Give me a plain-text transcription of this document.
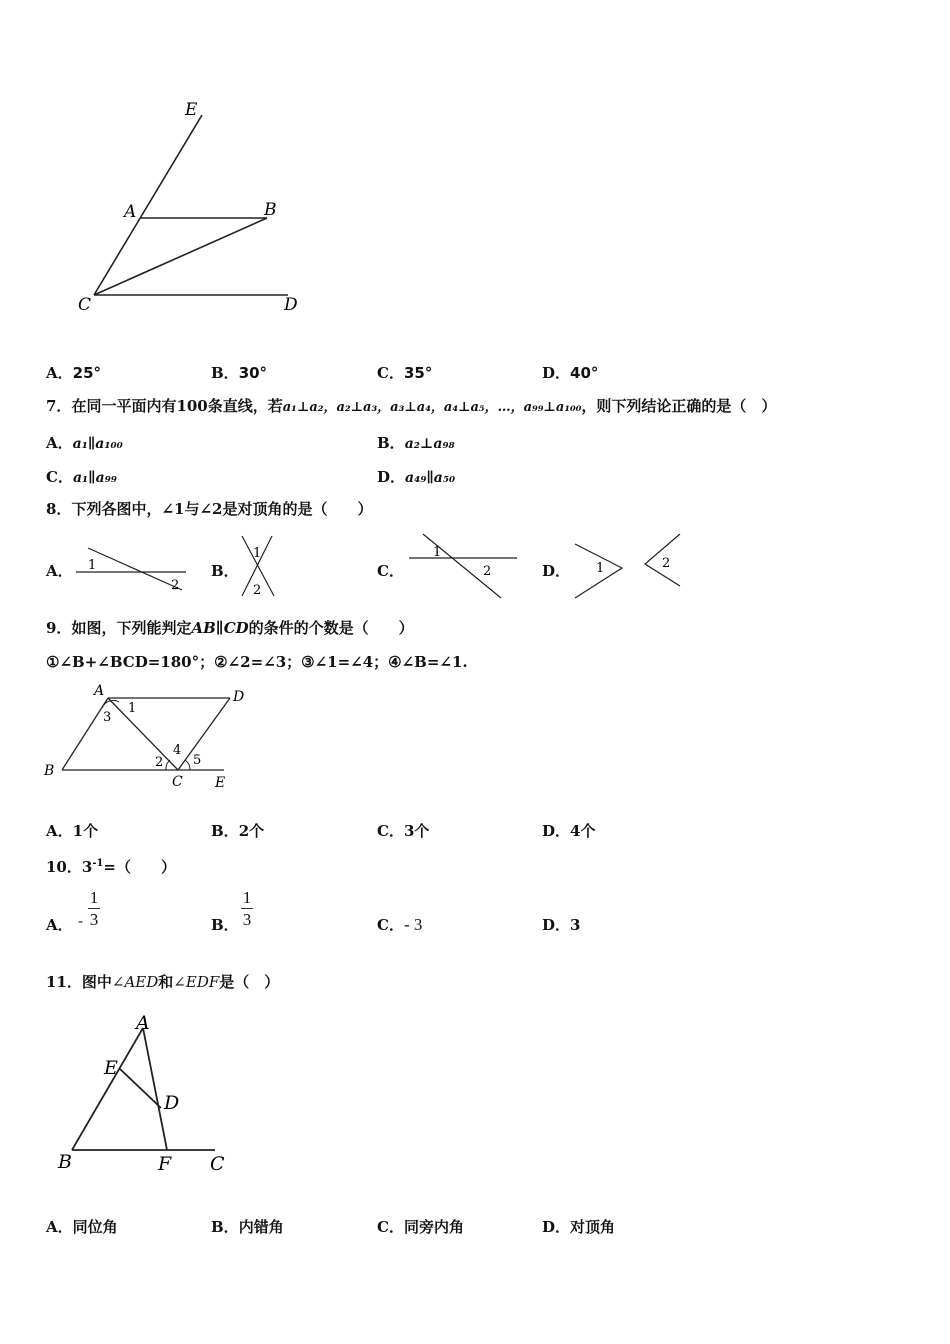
E
A	B
C	D
A．25°	B．30°	C．35°	D．40°
7．在同一平面内有100条直线，若a₁⊥a₂，a₂⊥a₃，a₃⊥a₄，a₄⊥a₅，…，a₉₉⊥a₁₀₀，则下列结论正确的是（　）
A．a₁∥a₁₀₀	B．a₂⊥a₉₈
C．a₁∥a₉₉	D．a₄₉∥a₅₀
8．下列各图中，∠1与∠2是对顶角的是（　　）
A． 1
2
B．
1
2
C．
1
2	D． 1	2
9．如图，下列能判定AB∥CD的条件的个数是（　　）
①∠B+∠BCD=180°；②∠2=∠3；③∠1=∠4；④∠B=∠1.
A	D
B
C E
1
3
2
4
5
A．1个	B．2个	C．3个	D．4个
10．$3^{-1}=$（　　）
A． -
1
3	B．
1
3	C．- 3	D．3
11．图中∠AED和∠EDF是（　）
A
E
D
B	F C
A．同位角	B．内错角	C．同旁内角	D．对顶角
